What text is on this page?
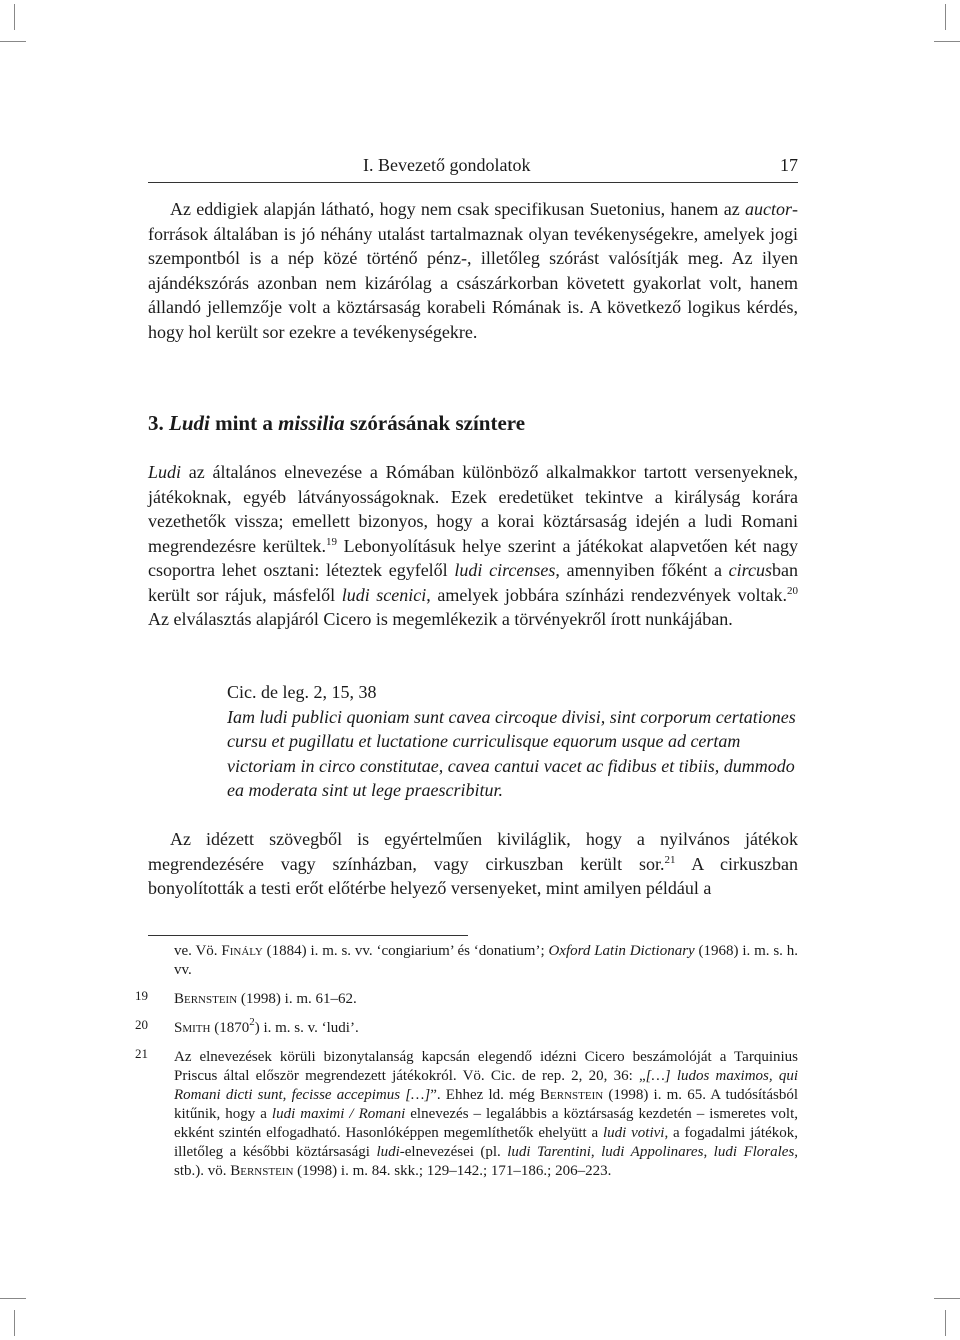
I. Bevezető gondolatok	17

Az eddigiek alapján látható, hogy nem csak specifikusan Suetonius, hanem az auctor-források általában is jó néhány utalást tartalmaznak olyan tevékenységekre, amelyek jogi szempontból is a nép közé történő pénz-, illetőleg szórást valósítják meg. Az ilyen ajándékszórás azonban nem kizárólag a császárkorban követett gyakorlat volt, hanem állandó jellemzője volt a köztársaság korabeli Rómának is. A következő logikus kérdés, hogy hol került sor ezekre a tevékenységekre.

3. Ludi mint a missilia szórásának színtere

Ludi az általános elnevezése a Rómában különböző alkalmakkor tartott versenyeknek, játékoknak, egyéb látványosságoknak. Ezek eredetüket tekintve a királyság korára vezethetők vissza; emellett bizonyos, hogy a korai köztársaság idején a ludi Romani megrendezésre kerültek.$^{19}$ Lebonyolításuk helye szerint a játékokat alapvetően két nagy csoportra lehet osztani: léteztek egyfelől ludi circenses, amennyiben főként a circusban került sor rájuk, másfelől ludi scenici, amelyek jobbára színházi rendezvények voltak.$^{20}$ Az elválasztás alapjáról Cicero is megemlékezik a törvényekről írott nunkájában.

Cic. de leg. 2, 15, 38
Iam ludi publici quoniam sunt cavea circoque divisi, sint corporum certationes cursu et pugillatu et luctatione curriculisque equorum usque ad certam victoriam in circo constitutae, cavea cantui vacet ac fidibus et tibiis, dummodo ea moderata sint ut lege praescribitur.

Az idézett szövegből is egyértelműen kiviláglik, hogy a nyilvános játékok megrendezésére vagy színházban, vagy cirkuszban került sor.$^{21}$ A cirkuszban bonyolították a testi erőt előtérbe helyező versenyeket, mint amilyen például a

ve. Vö. Finály (1884) i. m. s. vv. ‘congiarium’ és ‘donatium’; Oxford Latin Dictionary (1968) i. m. s. h. vv.
19 Bernstein (1998) i. m. 61–62.
20 Smith (1870$^2$) i. m. s. v. ‘ludi’.
21 Az elnevezések körüli bizonytalanság kapcsán elegendő idézni Cicero beszámolóját a Tarquinius Priscus által először megrendezett játékokról. Vö. Cic. de rep. 2, 20, 36: „[…] ludos maximos, qui Romani dicti sunt, fecisse accepimus […]”. Ehhez ld. még Bernstein (1998) i. m. 65. A tudósításból kitűnik, hogy a ludi maximi / Romani elnevezés – legalábbis a köztársaság kezdetén – ismeretes volt, ekként szintén elfogadható. Hasonlóképpen megemlíthetők ehelyütt a ludi votivi, a fogadalmi játékok, illetőleg a későbbi köztársasági ludi-elnevezései (pl. ludi Tarentini, ludi Appolinares, ludi Florales, stb.). vö. Bernstein (1998) i. m. 84. skk.; 129–142.; 171–186.; 206–223.
